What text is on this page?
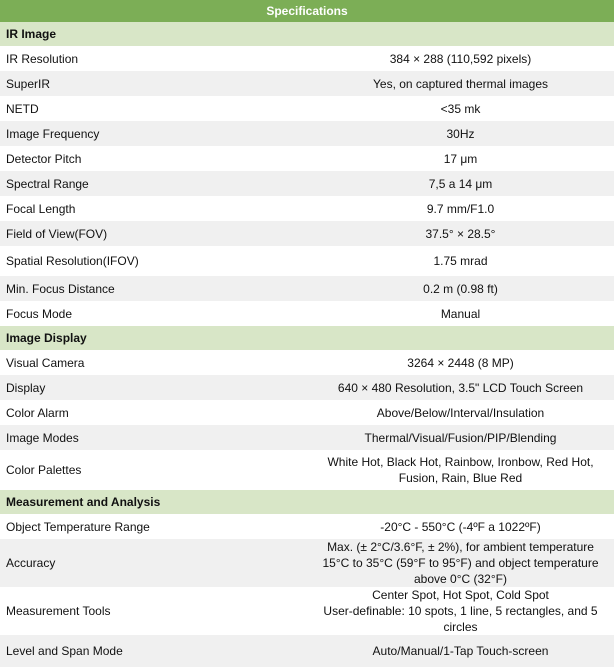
Specifications	
IR Image	
IR Resolution	384 × 288 (110,592 pixels)
SuperIR	Yes, on captured thermal images
NETD	<35 mk
Image Frequency	30Hz
Detector Pitch	17 μm
Spectral Range	7,5 a 14 μm
Focal Length	9.7 mm/F1.0
Field of View(FOV)	37.5° × 28.5°
Spatial Resolution(IFOV)	1.75 mrad
Min. Focus Distance	0.2 m (0.98 ft)
Focus Mode	Manual
Image Display	
Visual Camera	3264 × 2448 (8 MP)
Display	640 × 480 Resolution, 3.5" LCD Touch Screen
Color Alarm	Above/Below/Interval/Insulation
Image Modes	Thermal/Visual/Fusion/PIP/Blending
Color Palettes	White Hot, Black Hot, Rainbow, Ironbow, Red Hot, Fusion, Rain, Blue Red
Measurement and Analysis	
Object Temperature Range	-20°C - 550°C (-4ºF a 1022ºF)
Accuracy	Max. (± 2°C/3.6°F, ± 2%), for ambient temperature 15°C to 35°C (59°F to 95°F) and object temperature above 0°C (32°F)
Measurement Tools	Center Spot, Hot Spot, Cold Spot
User-definable: 10 spots, 1 line, 5 rectangles, and 5 circles
Level and Span Mode	Auto/Manual/1-Tap Touch-screen
